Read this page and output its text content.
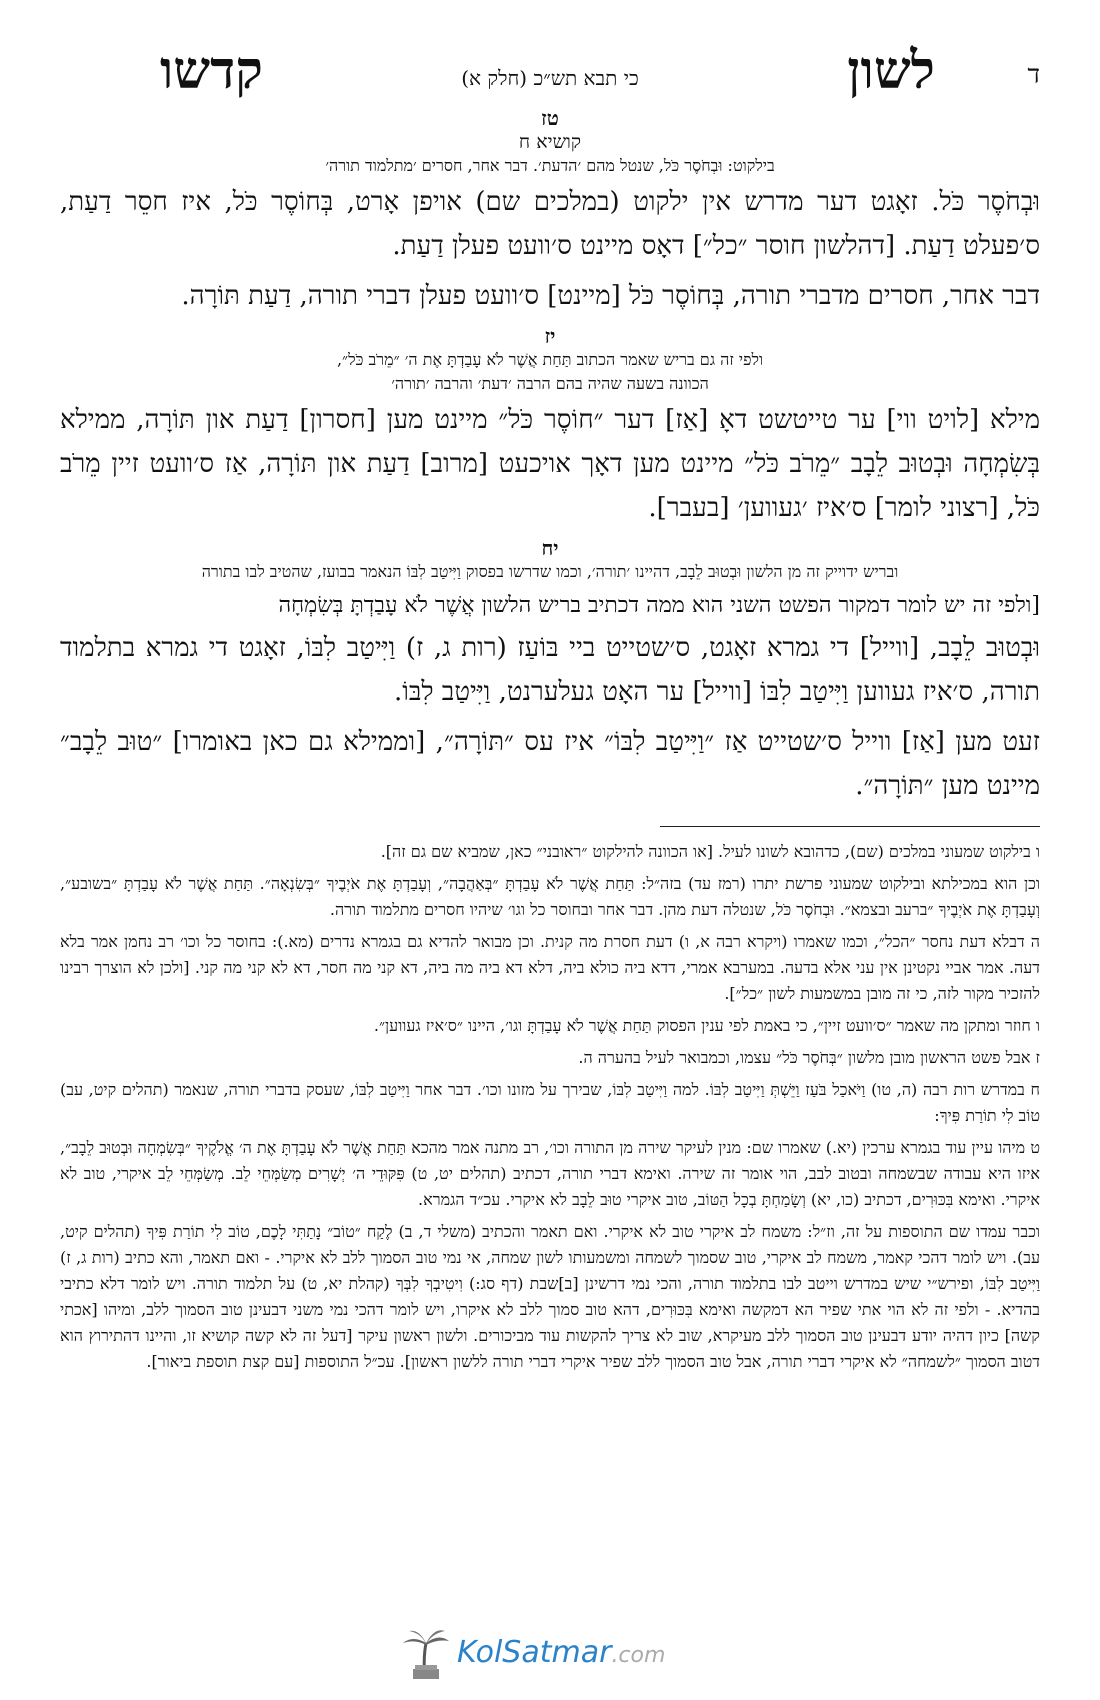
ד
לשון
כי תבא תש״כ (חלק א)
קדשו
טז
קושיא ח
בילקוט: וּבְחֹסֶר כֹּל, שנטל מהם ׳הדעת׳. דבר אחר, חסרים ׳מתלמוד תורה׳

וּבְחֹסֶר כֹּל. זאָגט דער מדרש אין ילקוט (במלכים שם) אויפן אָרט, בְּחוֹסֶר כֹּל, איז חסֵר דַעַת, ס׳פעלט דַעַת. [דהלשון חוסר ״כל״] דאָס מיינט ס׳וועט פעלן דַעַת.

דבר אחר, חסרים מדברי תורה, בְּחוֹסֶר כֹּל [מיינט] ס׳וועט פעלן דברי תורה, דַעַת תּוֹרָה.

יז
ולפי זה גם בריש שאמר הכתוב תַּחַת אֲשֶׁר לֹא עָבַדְתָּ אֶת ה׳ ״מֵרֹב כֹּל״,
הכוונה בשעה שהיה בהם הרבה ׳דעת׳ והרבה ׳תורה׳

מילא [לויט ווי] ער טייטשט דאָ [אַז] דער ״חוֹסֶר כֹּל״ מיינט מען [חסרון] דַעַת און תּוֹרָה, ממילא בְּשִׂמְחָה וּבְטוּב לֵבָב ״מֵרֹב כֹּל״ מיינט מען דאָך אויכעט [מרוב] דַעַת און תּוֹרָה, אַז ס׳וועט זיין מֵרֹב כֹּל, [רצוני לומר] ס׳איז ׳געווען׳ [בעבר].

יח
ובריש ידוייק זה מן הלשון וּבְטוּב לֵבָב, דהיינו ׳תורה׳, וכמו שדרשו בפסוק וַיִּיטַב לִבּוֹ הנאמר בבועז, שהטיב לבו בתורה

[ולפי זה יש לומר דמקור הפשט השני הוא ממה דכתיב בריש הלשון אֲשֶׁר לֹא עָבַדְתָּ בְּשִׂמְחָה

וּבְטוּב לֵבָב, [ווייל] די גמרא זאָגט, ס׳שטייט ביי בּוֹעַז (רות ג, ז) וַיִּיטַב לִבּוֹ, זאָגט די גמרא בתלמוד תורה, ס׳איז געווען וַיִּיטַב לִבּוֹ [ווייל] ער האָט געלערנט, וַיִּיטַב לִבּוֹ.

זעט מען [אַז] ווייל ס׳שטייט אַז ״וַיִּיטַב לִבּוֹ״ איז עס ״תּוֹרָה״, [וממילא גם כאן באומרו] ״טוּב לֵבָב״ מיינט מען ״תּוֹרָה״.

ו בילקוט שמעוני במלכים (שם), כדהובא לשונו לעיל. [או הכוונה להילקוט ״ראובני״ כאן, שמביא שם גם זה].

וכן הוא במכילתא ובילקוט שמעוני פרשת יתרו (רמז עד) בזה״ל: תַּחַת אֲשֶׁר לֹא עָבַדְתָּ ״בְּאַהֲבָה״, וְעָבַדְתָּ אֶת אֹיְבֶיךָ ״בְּשִׂנְאָה״. תַּחַת אֲשֶׁר לֹא עָבַדְתָּ ״בשובע״, וְעָבַדְתָּ אֶת אֹיְבֶיךָ ״ברעב ובצמא״. וּבְחֹסֶר כֹּל, שנטלה דעת מהן. דבר אחר ובחוסר כל וגו׳ שיהיו חסרים מתלמוד תורה.

ה דבלא דעת נחסר ״הכל״, וכמו שאמרו (ויקרא רבה א, ו) דעת חסרת מה קנית. וכן מבואר להדיא גם בגמרא נדרים (מא.): בחוסר כל וכו׳ רב נחמן אמר בלא דעה. אמר אביי נקטינן אין עני אלא בדעה. במערבא אמרי, דדא ביה כולא ביה, דלא דא ביה מה ביה, דא קני מה חסר, דא לא קני מה קני. [ולכן לא הוצרך רבינו להזכיר מקור לזה, כי זה מובן במשמעות לשון ״כל״].

ו חוזר ומתקן מה שאמר ״ס׳וועט זיין״, כי באמת לפי ענין הפסוק תַּחַת אֲשֶׁר לֹא עָבַדְתָּ וגו׳, היינו ״ס׳איז געווען״.

ז אבל פשט הראשון מובן מלשון ״בְּחֹסֶר כֹּל״ עצמו, וכמבואר לעיל בהערה ה.

ח במדרש רות רבה (ה, טו) וַיֹּאכַל בֹּעַז וַיֵּשְׁתְּ וַיִּיטַב לִבּוֹ. למה וַיִּיטַב לִבּוֹ, שבירך על מזונו וכו׳. דבר אחר וַיִּיטַב לִבּוֹ, שעסק בדברי תורה, שנאמר (תהלים קיט, עב) טוֹב לִי תוֹרַת פִּיךָ:

ט מיהו עיין עוד בגמרא ערכין (יא.) שאמרו שם: מנין לעיקר שירה מן התורה וכו׳, רב מתנה אמר מהכא תַּחַת אֲשֶׁר לֹא עָבַדְתָּ אֶת ה׳ אֱלֹקֶיךָ ״בְּשִׂמְחָה וּבְטוּב לֵבָב״, איזו היא עבודה שבשמחה ובטוב לבב, הוי אומר זה שירה. ואימא דברי תורה, דכתיב (תהלים יט, ט) פִּקּוּדֵי ה׳ יְשָׁרִים מְשַׂמְּחֵי לֵב. מְשַׂמְּחֵי לֵב איקרי, טוב לא איקרי. ואימא בִּכּוּרִים, דכתיב (כו, יא) וְשָׂמַחְתָּ בְכָל הַטּוֹב, טוב איקרי טוּב לֵבָב לא איקרי. עכ״ד הגמרא.

וכבר עמדו שם התוספות על זה, וז״ל: משמח לב איקרי טוב לא איקרי. ואם תאמר והכתיב (משלי ד, ב) לֶקַח ״טוֹב״ נָתַתִּי לָכֶם, טוֹב לִי תוֹרַת פִּיךָ (תהלים קיט, עב). ויש לומר דהכי קאמר, משמח לב איקרי, טוב שסמוך לשמחה ומשמעותו לשון שמחה, אי נמי טוב הסמוך ללב לא איקרי. - ואם תאמר, והא כתיב (רות ג, ז) וַיִּיטַב לִבּוֹ, ופירש״י שיש במדרש וייטב לבו בתלמוד תורה, והכי נמי דרשינן [ב]שבת (דף סג:) וִיטִיבְךָ לִבְּךָ (קהלת יא, ט) על תלמוד תורה. ויש לומר דלא כתיבי בהדיא. - ולפי זה לא הוי אתי שפיר הא דמקשה ואימא בִּכּוּרִים, דהא טוב סמוך ללב לא איקרו, ויש לומר דהכי נמי משני דבעינן טוב הסמוך ללב, ומיהו [אכתי קשה] כיון דהיה יודע דבעינן טוב הסמוך ללב מעיקרא, שוב לא צריך להקשות עוד מביכורים. ולשון ראשון עיקר [דעל זה לא קשה קושיא זו, והיינו דהתירוץ הוא דטוב הסמוך ״לשמחה״ לא איקרי דברי תורה, אבל טוב הסמוך ללב שפיר איקרי דברי תורה ללשון ראשון]. עכ״ל התוספות [עם קצת תוספת ביאור].

KolSatmar.com
